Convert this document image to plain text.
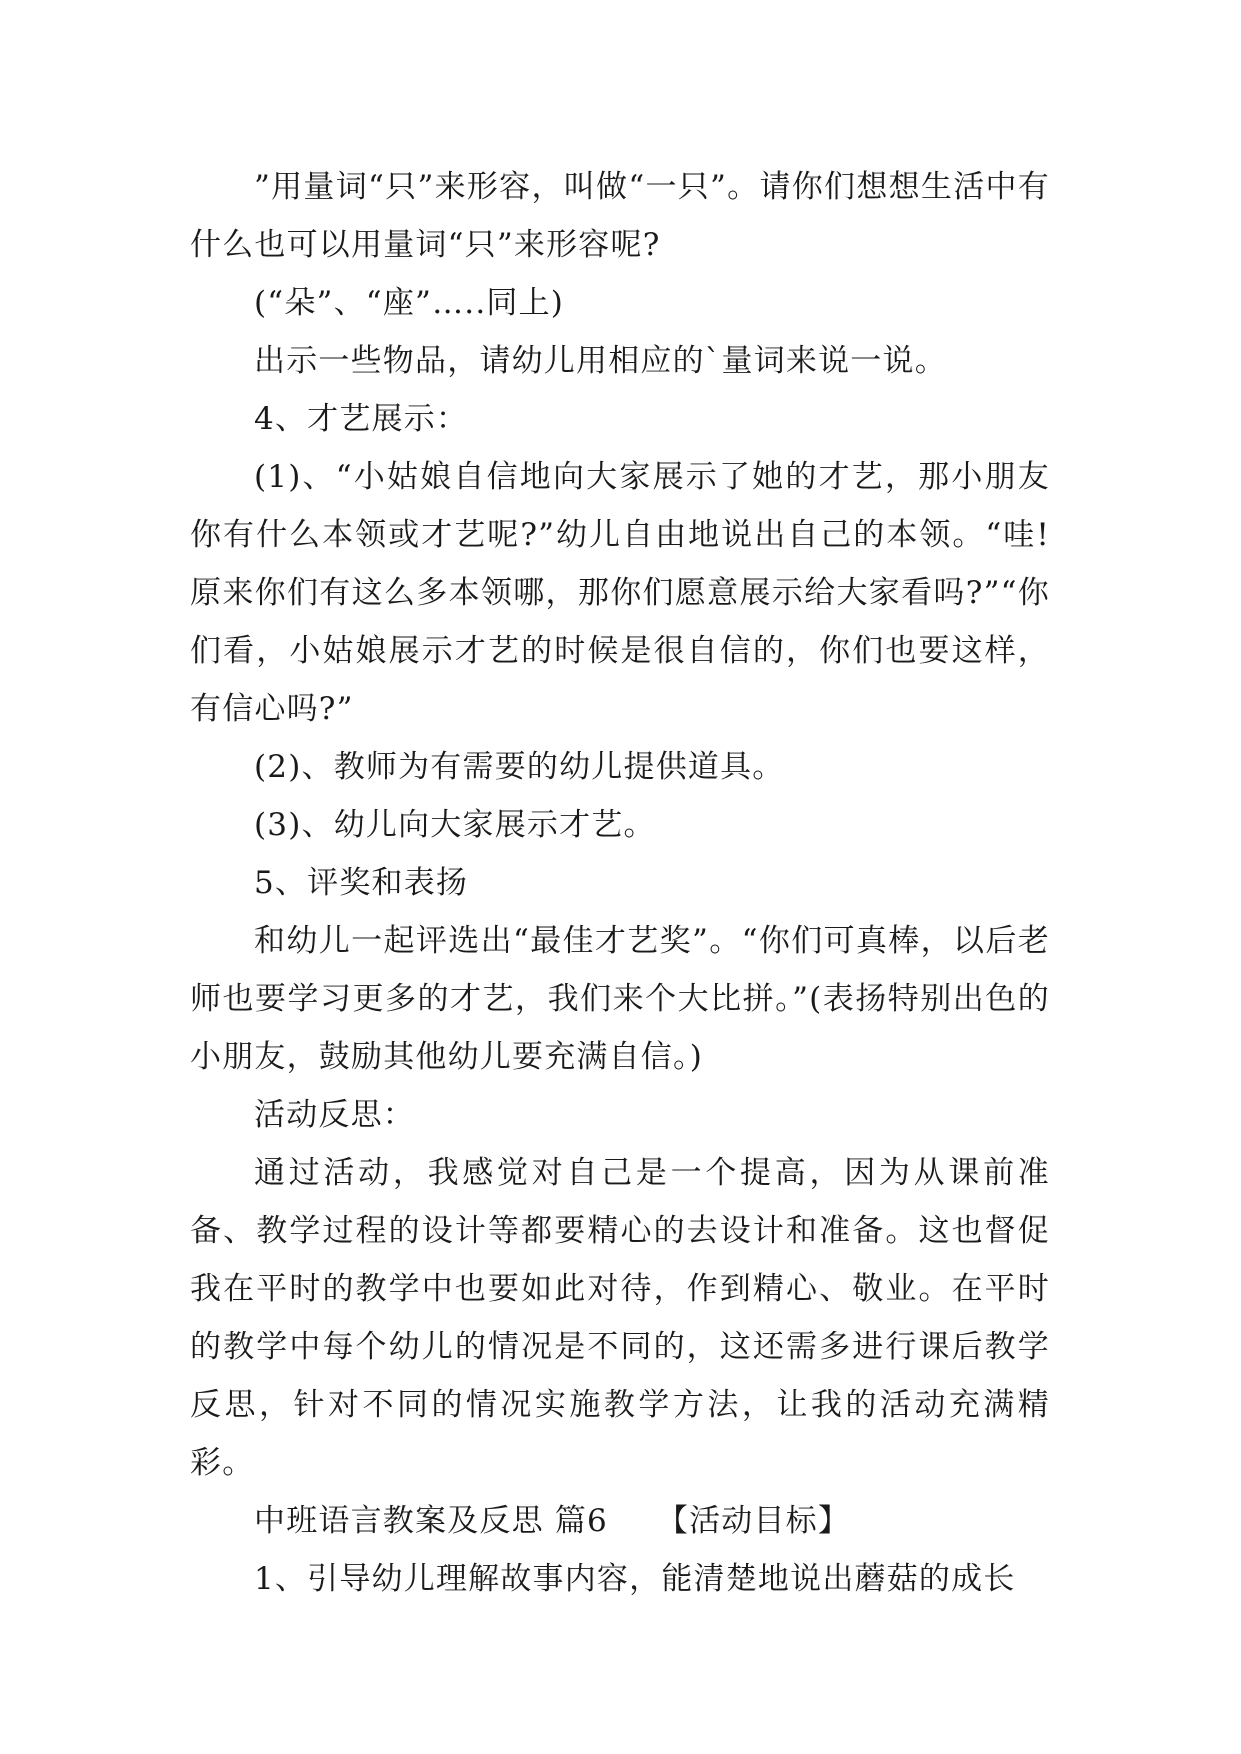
”用量词“只”来形容，叫做“一只”。请你们想想生活中有什么也可以用量词“只”来形容呢?

(“朵”、“座”…..同上)

出示一些物品，请幼儿用相应的`量词来说一说。

4、才艺展示：

(1)、“小姑娘自信地向大家展示了她的才艺，那小朋友你有什么本领或才艺呢?”幼儿自由地说出自己的本领。“哇!原来你们有这么多本领哪，那你们愿意展示给大家看吗?”“你们看，小姑娘展示才艺的时候是很自信的，你们也要这样，有信心吗?”

(2)、教师为有需要的幼儿提供道具。

(3)、幼儿向大家展示才艺。

5、评奖和表扬

和幼儿一起评选出“最佳才艺奖”。“你们可真棒，以后老师也要学习更多的才艺，我们来个大比拼。”(表扬特别出色的小朋友，鼓励其他幼儿要充满自信。)

活动反思：

通过活动，我感觉对自己是一个提高，因为从课前准备、教学过程的设计等都要精心的去设计和准备。这也督促我在平时的教学中也要如此对待，作到精心、敬业。在平时的教学中每个幼儿的情况是不同的，这还需多进行课后教学反思，针对不同的情况实施教学方法，让我的活动充满精彩。

中班语言教案及反思 篇6　　【活动目标】

1、引导幼儿理解故事内容，能清楚地说出蘑菇的成长
